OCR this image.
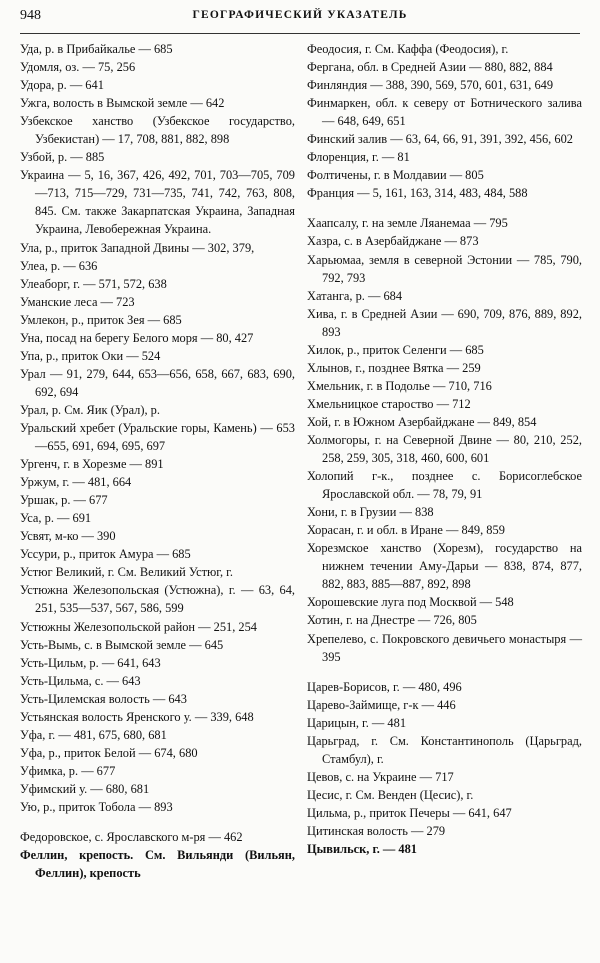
948	ГЕОГРАФИЧЕСКИЙ УКАЗАТЕЛЬ
Уда, р. в Прибайкалье — 685
Удомля, оз. — 75, 256
Удора, р. — 641
Ужга, волость в Вымской земле — 642
Узбекское ханство (Узбекское государство, Узбекистан) — 17, 708, 881, 882, 898
Узбой, р. — 885
Украина — 5, 16, 367, 426, 492, 701, 703—705, 709—713, 715—729, 731—735, 741, 742, 763, 808, 845. См. также Закарпатская Украина, Западная Украина, Левобережная Украина.
Ула, р., приток Западной Двины — 302, 379,
Улеа, р. — 636
Улеаборг, г. — 571, 572, 638
Уманские леса — 723
Умлекон, р., приток Зея — 685
Уна, посад на берегу Белого моря — 80, 427
Упа, р., приток Оки — 524
Урал — 91, 279, 644, 653—656, 658, 667, 683, 690, 692, 694
Урал, р. См. Яик (Урал), р.
Уральский хребет (Уральские горы, Камень) — 653—655, 691, 694, 695, 697
Ургенч, г. в Хорезме — 891
Уржум, г. — 481, 664
Уршак, р. — 677
Уса, р. — 691
Усвят, м-ко — 390
Уссури, р., приток Амура — 685
Устюг Великий, г. См. Великий Устюг, г.
Устюжна Железопольская (Устюжна), г. — 63, 64, 251, 535—537, 567, 586, 599
Устюжны Железопольской район — 251, 254
Усть-Вымь, с. в Вымской земле — 645
Усть-Цильм, р. — 641, 643
Усть-Цильма, с. — 643
Усть-Цилемская волость — 643
Устьянская волость Яренского у. — 339, 648
Уфа, г. — 481, 675, 680, 681
Уфа, р., приток Белой — 674, 680
Уфимка, р. — 677
Уфимский у. — 680, 681
Ую, р., приток Тобола — 893
Федоровское, с. Ярославского м-ря — 462
Феллин, крепость. См. Вильянди (Вильян, Феллин), крепость
Феодосия, г. См. Каффа (Феодосия), г.
Фергана, обл. в Средней Азии — 880, 882, 884
Финляндия — 388, 390, 569, 570, 601, 631, 649
Финмаркен, обл. к северу от Ботнического залива — 648, 649, 651
Финский залив — 63, 64, 66, 91, 391, 392, 456, 602
Флоренция, г. — 81
Фолтичены, г. в Молдавии — 805
Франция — 5, 161, 163, 314, 483, 484, 588
Хаапсалу, г. на земле Ляанемаа — 795
Хазра, с. в Азербайджане — 873
Харьюмаа, земля в северной Эстонии — 785, 790, 792, 793
Хатанга, р. — 684
Хива, г. в Средней Азии — 690, 709, 876, 889, 892, 893
Хилок, р., приток Селенги — 685
Хлынов, г., позднее Вятка — 259
Хмельник, г. в Подолье — 710, 716
Хмельницкое староство — 712
Хой, г. в Южном Азербайджане — 849, 854
Холмогоры, г. на Северной Двине — 80, 210, 252, 258, 259, 305, 318, 460, 600, 601
Холопий г-к., позднее с. Борисоглебское Ярославской обл. — 78, 79, 91
Хони, г. в Грузии — 838
Хорасан, г. и обл. в Иране — 849, 859
Хорезмское ханство (Хорезм), государство на нижнем течении Аму-Дарьи — 838, 874, 877, 882, 883, 885—887, 892, 898
Хорошевские луга под Москвой — 548
Хотин, г. на Днестре — 726, 805
Хрепелево, с. Покровского девичьего монастыря — 395
Царев-Борисов, г. — 480, 496
Царево-Займище, г-к — 446
Царицын, г. — 481
Царьград, г. См. Константинополь (Царьград, Стамбул), г.
Цевов, с. на Украине — 717
Цесис, г. См. Венден (Цесис), г.
Цильма, р., приток Печеры — 641, 647
Цитинская волость — 279
Цывильск, г. — 481
